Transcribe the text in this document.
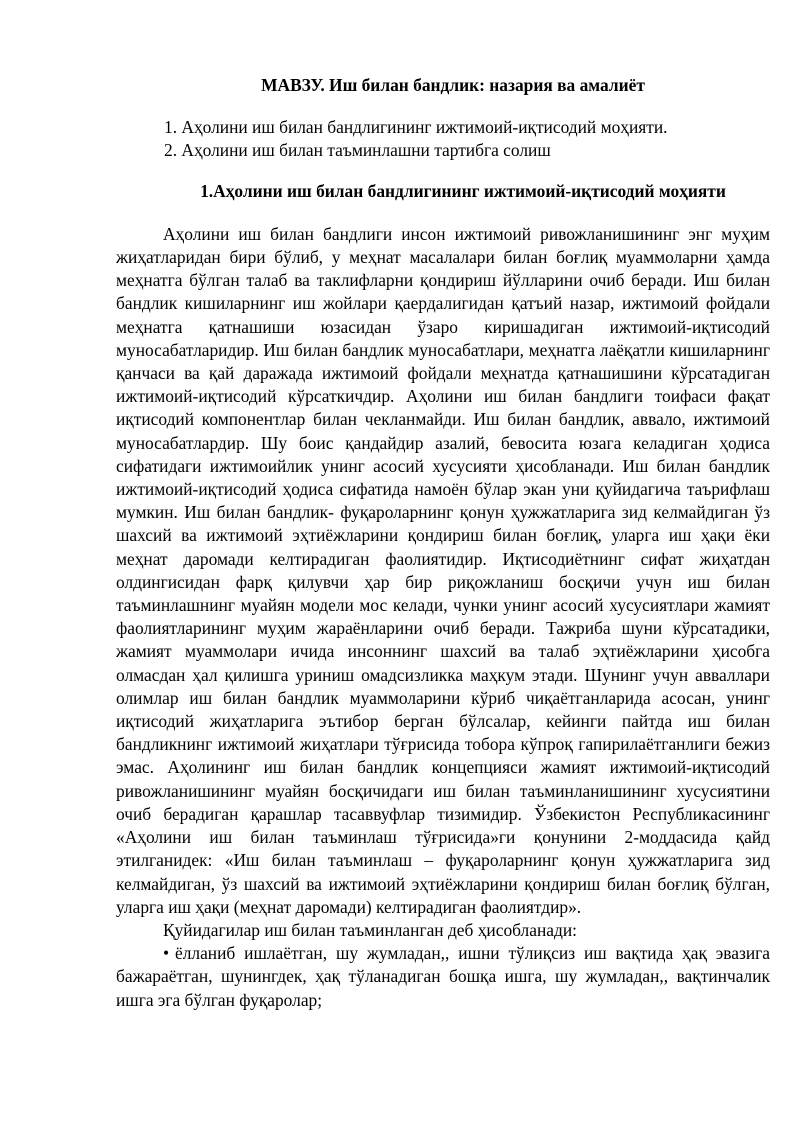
МАВЗУ. Иш билан бандлик: назария ва амалиёт
1. Аҳолини иш билан бандлигининг ижтимоий-иқтисодий моҳияти.
2. Аҳолини иш билан таъминлашни тартибга солиш
1.Аҳолини иш билан бандлигининг ижтимоий-иқтисодий моҳияти

Аҳолини иш билан бандлиги инсон ижтимоий ривожланишининг энг муҳим жиҳатларидан бири бўлиб, у меҳнат масалалари билан боғлиқ муаммоларни ҳамда меҳнатга бўлган талаб ва таклифларни қондириш йўлларини очиб беради. Иш билан бандлик кишиларнинг иш жойлари қаердалигидан қатъий назар, ижтимоий фойдали меҳнатга қатнашиши юзасидан ўзаро киришадиган ижтимоий-иқтисодий муносабатларидир. Иш билан бандлик муносабатлари, меҳнатга лаёқатли кишиларнинг қанчаси ва қай даражада ижтимоий фойдали меҳнатда қатнашишини кўрсатадиган ижтимоий-иқтисодий кўрсаткичдир. Аҳолини иш билан бандлиги тоифаси фақат иқтисодий компонентлар билан чекланмайди. Иш билан бандлик, аввало, ижтимоий муносабатлардир. Шу боис қандайдир азалий, бевосита юзага келадиган ҳодиса сифатидаги ижтимоийлик унинг асосий хусусияти ҳисобланади. Иш билан бандлик ижтимоий-иқтисодий ҳодиса сифатида намоён бўлар экан уни қуйидагича таърифлаш мумкин. Иш билан бандлик- фуқароларнинг қонун ҳужжатларига зид келмайдиган ўз шахсий ва ижтимоий эҳтиёжларини қондириш билан боғлиқ, уларга иш ҳақи ёки меҳнат даромади келтирадиган фаолиятидир. Иқтисодиётнинг сифат жиҳатдан олдингисидан фарқ қилувчи ҳар бир риқожланиш босқичи учун иш билан таъминлашнинг муайян модели мос келади, чунки унинг асосий хусусиятлари жамият фаолиятларининг муҳим жараёнларини очиб беради. Тажриба шуни кўрсатадики, жамият муаммолари ичида инсоннинг шахсий ва талаб эҳтиёжларини ҳисобга олмасдан ҳал қилишга уриниш омадсизликка маҳкум этади. Шунинг учун авваллари олимлар иш билан бандлик муаммоларини кўриб чиқаётганларида асосан, унинг иқтисодий жиҳатларига эътибор берган бўлсалар, кейинги пайтда иш билан бандликнинг ижтимоий жиҳатлари тўғрисида тобора кўпроқ гапирилаётганлиги бежиз эмас. Аҳолининг иш билан бандлик концепцияси жамият ижтимоий-иқтисодий ривожланишининг муайян босқичидаги иш билан таъминланишининг хусусиятини очиб берадиган қарашлар тасаввуфлар тизимидир. Ўзбекистон Республикасининг «Аҳолини иш билан таъминлаш тўғрисида»ги қонунини 2-моддасида қайд этилганидек: «Иш билан таъминлаш – фуқароларнинг қонун ҳужжатларига зид келмайдиган, ўз шахсий ва ижтимоий эҳтиёжларини қондириш билан боғлиқ бўлган, уларга иш ҳақи (меҳнат даромади) келтирадиган фаолиятдир».

Қуйидагилар иш билан таъминланган деб ҳисобланади:

• ёлланиб ишлаётган, шу жумладан,, ишни тўлиқсиз иш вақтида ҳақ эвазига бажараётган, шунингдек, ҳақ тўланадиган бошқа ишга, шу жумладан,, вақтинчалик ишга эга бўлган фуқаролар;
